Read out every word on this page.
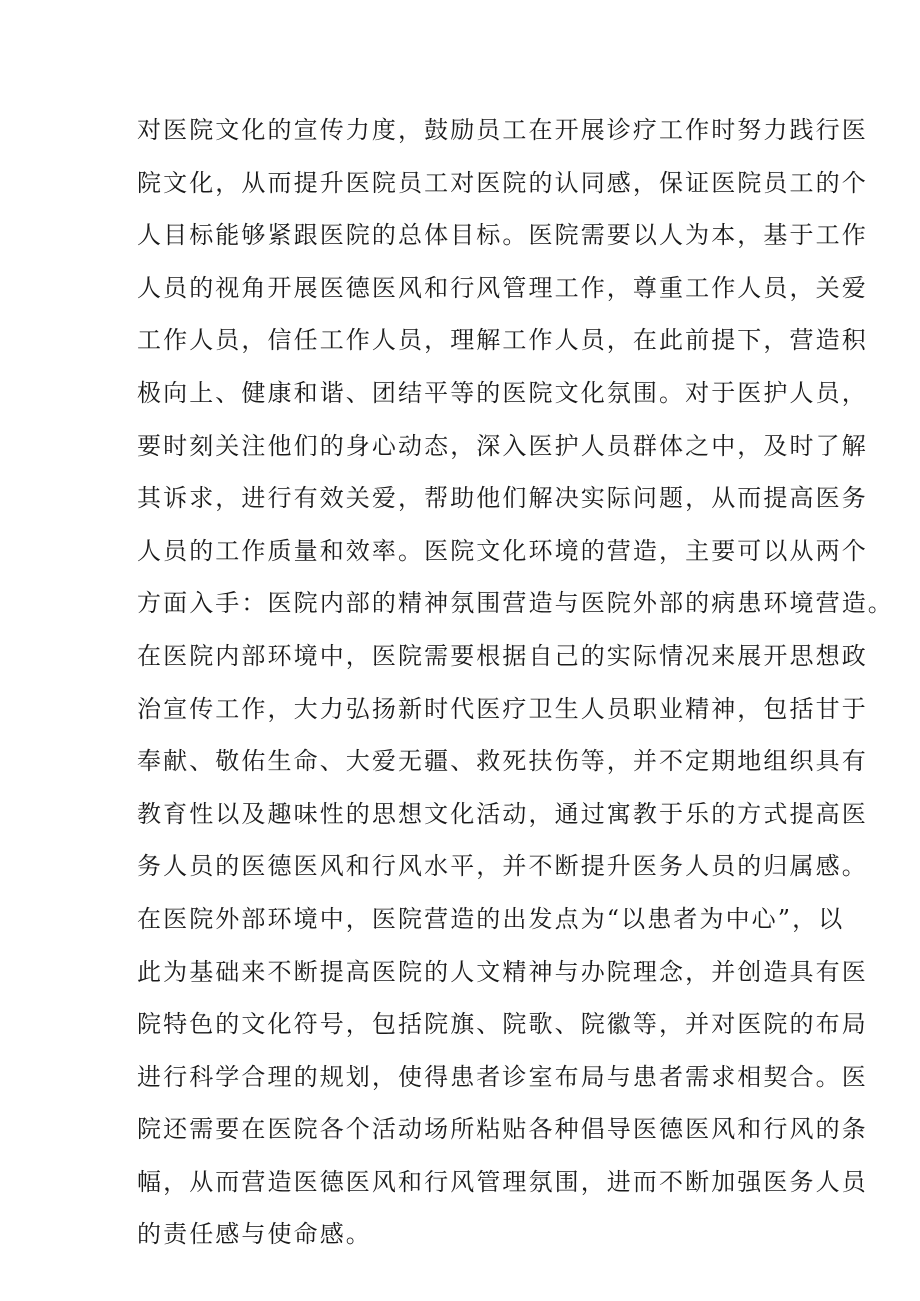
对医院文化的宣传力度，鼓励员工在开展诊疗工作时努力践行医
院文化，从而提升医院员工对医院的认同感，保证医院员工的个
人目标能够紧跟医院的总体目标。医院需要以人为本，基于工作
人员的视角开展医德医风和行风管理工作，尊重工作人员，关爱
工作人员，信任工作人员，理解工作人员，在此前提下，营造积
极向上、健康和谐、团结平等的医院文化氛围。对于医护人员，
要时刻关注他们的身心动态，深入医护人员群体之中，及时了解
其诉求，进行有效关爱，帮助他们解决实际问题，从而提高医务
人员的工作质量和效率。医院文化环境的营造，主要可以从两个
方面入手：医院内部的精神氛围营造与医院外部的病患环境营造。
在医院内部环境中，医院需要根据自己的实际情况来展开思想政
治宣传工作，大力弘扬新时代医疗卫生人员职业精神，包括甘于
奉献、敬佑生命、大爱无疆、救死扶伤等，并不定期地组织具有
教育性以及趣味性的思想文化活动，通过寓教于乐的方式提高医
务人员的医德医风和行风水平，并不断提升医务人员的归属感。
在医院外部环境中，医院营造的出发点为“以患者为中心”，以
此为基础来不断提高医院的人文精神与办院理念，并创造具有医
院特色的文化符号，包括院旗、院歌、院徽等，并对医院的布局
进行科学合理的规划，使得患者诊室布局与患者需求相契合。医
院还需要在医院各个活动场所粘贴各种倡导医德医风和行风的条
幅，从而营造医德医风和行风管理氛围，进而不断加强医务人员
的责任感与使命感。
